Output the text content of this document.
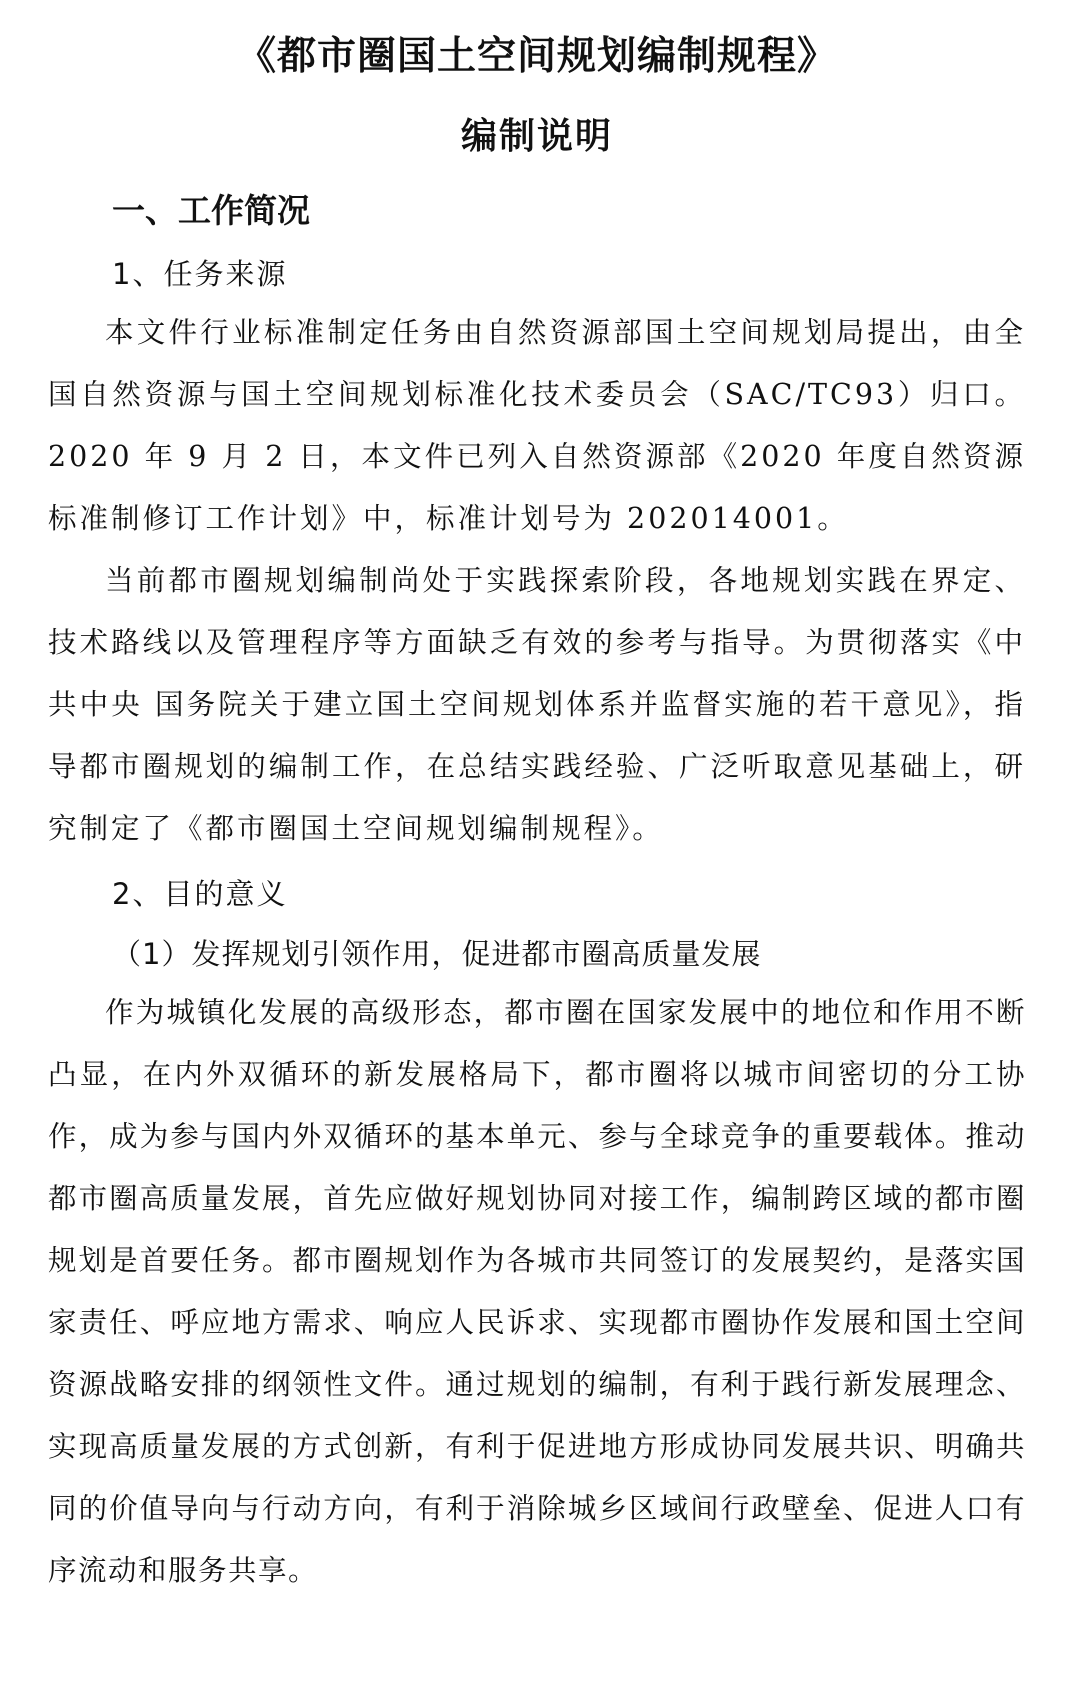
《都市圈国土空间规划编制规程》
编制说明
一、工作简况
1、任务来源

本文件行业标准制定任务由自然资源部国土空间规划局提出，由全国自然资源与国土空间规划标准化技术委员会（SAC/TC93）归口。2020 年 9 月 2 日，本文件已列入自然资源部《2020 年度自然资源标准制修订工作计划》中，标准计划号为 202014001。

当前都市圈规划编制尚处于实践探索阶段，各地规划实践在界定、技术路线以及管理程序等方面缺乏有效的参考与指导。为贯彻落实《中共中央 国务院关于建立国土空间规划体系并监督实施的若干意见》，指导都市圈规划的编制工作，在总结实践经验、广泛听取意见基础上，研究制定了《都市圈国土空间规划编制规程》。

2、目的意义
（1）发挥规划引领作用，促进都市圈高质量发展

作为城镇化发展的高级形态，都市圈在国家发展中的地位和作用不断凸显，在内外双循环的新发展格局下，都市圈将以城市间密切的分工协作，成为参与国内外双循环的基本单元、参与全球竞争的重要载体。推动都市圈高质量发展，首先应做好规划协同对接工作，编制跨区域的都市圈规划是首要任务。都市圈规划作为各城市共同签订的发展契约，是落实国家责任、呼应地方需求、响应人民诉求、实现都市圈协作发展和国土空间资源战略安排的纲领性文件。通过规划的编制，有利于践行新发展理念、实现高质量发展的方式创新，有利于促进地方形成协同发展共识、明确共同的价值导向与行动方向，有利于消除城乡区域间行政壁垒、促进人口有序流动和服务共享。
